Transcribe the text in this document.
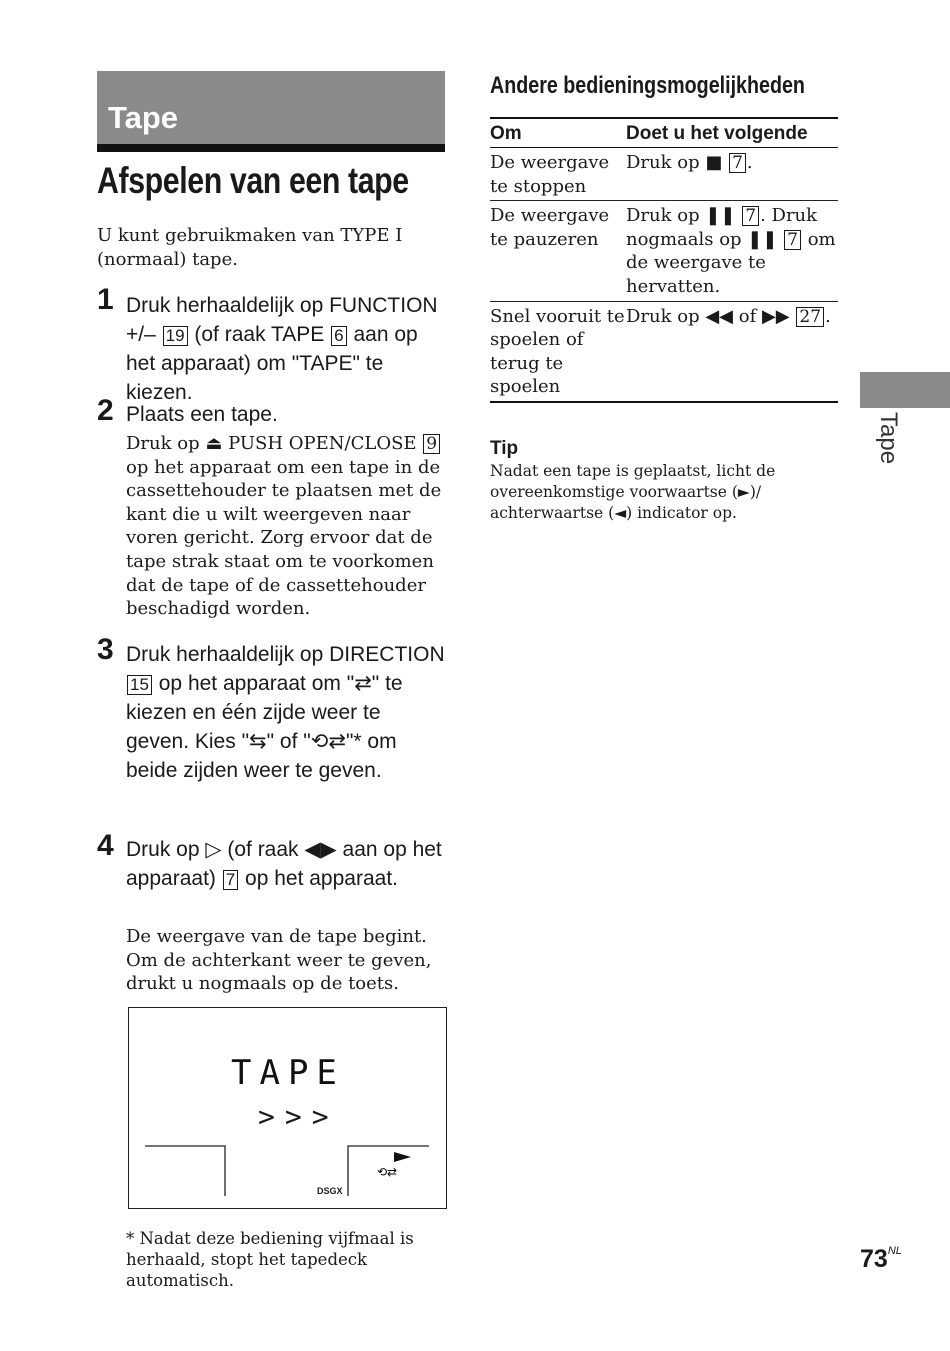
Tape
Afspelen van een tape
U kunt gebruikmaken van TYPE I (normaal) tape.
1 Druk herhaaldelijk op FUNCTION +/– 19 (of raak TAPE 6 aan op het apparaat) om "TAPE" te kiezen.
2 Plaats een tape.
Druk op ⏏ PUSH OPEN/CLOSE 9 op het apparaat om een tape in de cassettehouder te plaatsen met de kant die u wilt weergeven naar voren gericht. Zorg ervoor dat de tape strak staat om te voorkomen dat de tape of de cassettehouder beschadigd worden.
3 Druk herhaaldelijk op DIRECTION 15 op het apparaat om "⇄" te kiezen en één zijde weer te geven. Kies "⇆" of "⟲⇄"* om beide zijden weer te geven.
4 Druk op ▷ (of raak ◀▶ aan op het apparaat) 7 op het apparaat.
De weergave van de tape begint. Om de achterkant weer te geven, drukt u nogmaals op de toets.
⟲⇄
TAPE
>>>
DSGX
* Nadat deze bediening vijfmaal is herhaald, stopt het tapedeck automatisch.
Andere bedieningsmogelijkheden
Om	Doet u het volgende
De weergave te stoppen	Druk op ■ 7 .
De weergave te pauzeren	Druk op ❚❚ 7 . Druk nogmaals op ❚❚ 7 om de weergave te hervatten.
Snel vooruit te spoelen of terug te spoelen	Druk op ◀◀ of ▶▶ 27 .
Tip
Nadat een tape is geplaatst, licht de overeenkomstige voorwaartse (►)/ achterwaartse (◄) indicator op.
Tape
$73^{NL}$
